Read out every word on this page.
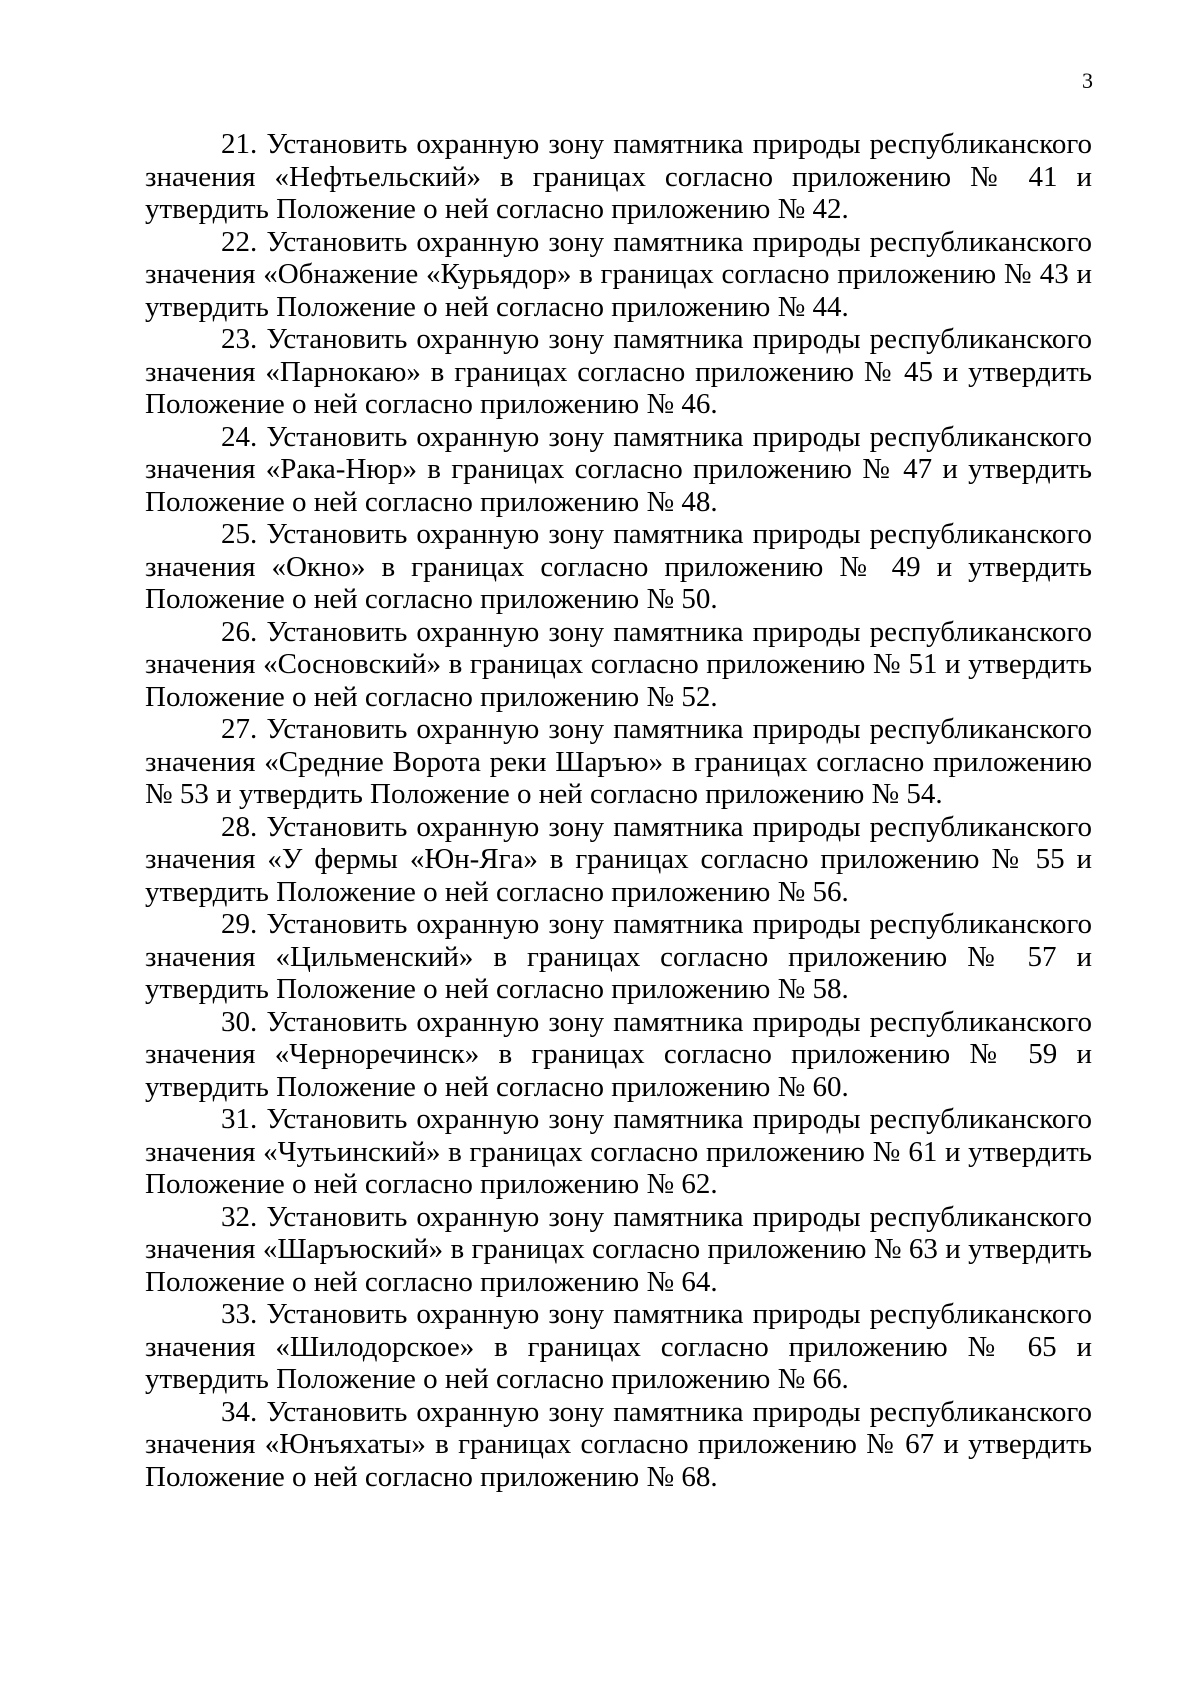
3

21. Установить охранную зону памятника природы республиканского значения «Нефтьельский» в границах согласно приложению № 41 и утвердить Положение о ней согласно приложению № 42.

22. Установить охранную зону памятника природы республиканского значения «Обнажение «Курьядор» в границах согласно приложению № 43 и утвердить Положение о ней согласно приложению № 44.

23. Установить охранную зону памятника природы республиканского значения «Парнокаю» в границах согласно приложению № 45 и утвердить Положение о ней согласно приложению № 46.

24. Установить охранную зону памятника природы республиканского значения «Рака-Нюр» в границах согласно приложению № 47 и утвердить Положение о ней согласно приложению № 48.

25. Установить охранную зону памятника природы республиканского значения «Окно» в границах согласно приложению № 49 и утвердить Положение о ней согласно приложению № 50.

26. Установить охранную зону памятника природы республиканского значения «Сосновский» в границах согласно приложению № 51 и утвердить Положение о ней согласно приложению № 52.

27. Установить охранную зону памятника природы республиканского значения «Средние Ворота реки Шаръю» в границах согласно приложению № 53 и утвердить Положение о ней согласно приложению № 54.

28. Установить охранную зону памятника природы республиканского значения «У фермы «Юн-Яга» в границах согласно приложению № 55 и утвердить Положение о ней согласно приложению № 56.

29. Установить охранную зону памятника природы республиканского значения «Цильменский» в границах согласно приложению № 57 и утвердить Положение о ней согласно приложению № 58.

30. Установить охранную зону памятника природы республиканского значения «Черноречинск» в границах согласно приложению № 59 и утвердить Положение о ней согласно приложению № 60.

31. Установить охранную зону памятника природы республиканского значения «Чутьинский» в границах согласно приложению № 61 и утвердить Положение о ней согласно приложению № 62.

32. Установить охранную зону памятника природы республиканского значения «Шаръюский» в границах согласно приложению № 63 и утвердить Положение о ней согласно приложению № 64.

33. Установить охранную зону памятника природы республиканского значения «Шилодорское» в границах согласно приложению № 65 и утвердить Положение о ней согласно приложению № 66.

34. Установить охранную зону памятника природы республиканского значения «Юнъяхаты» в границах согласно приложению № 67 и утвердить Положение о ней согласно приложению № 68.
